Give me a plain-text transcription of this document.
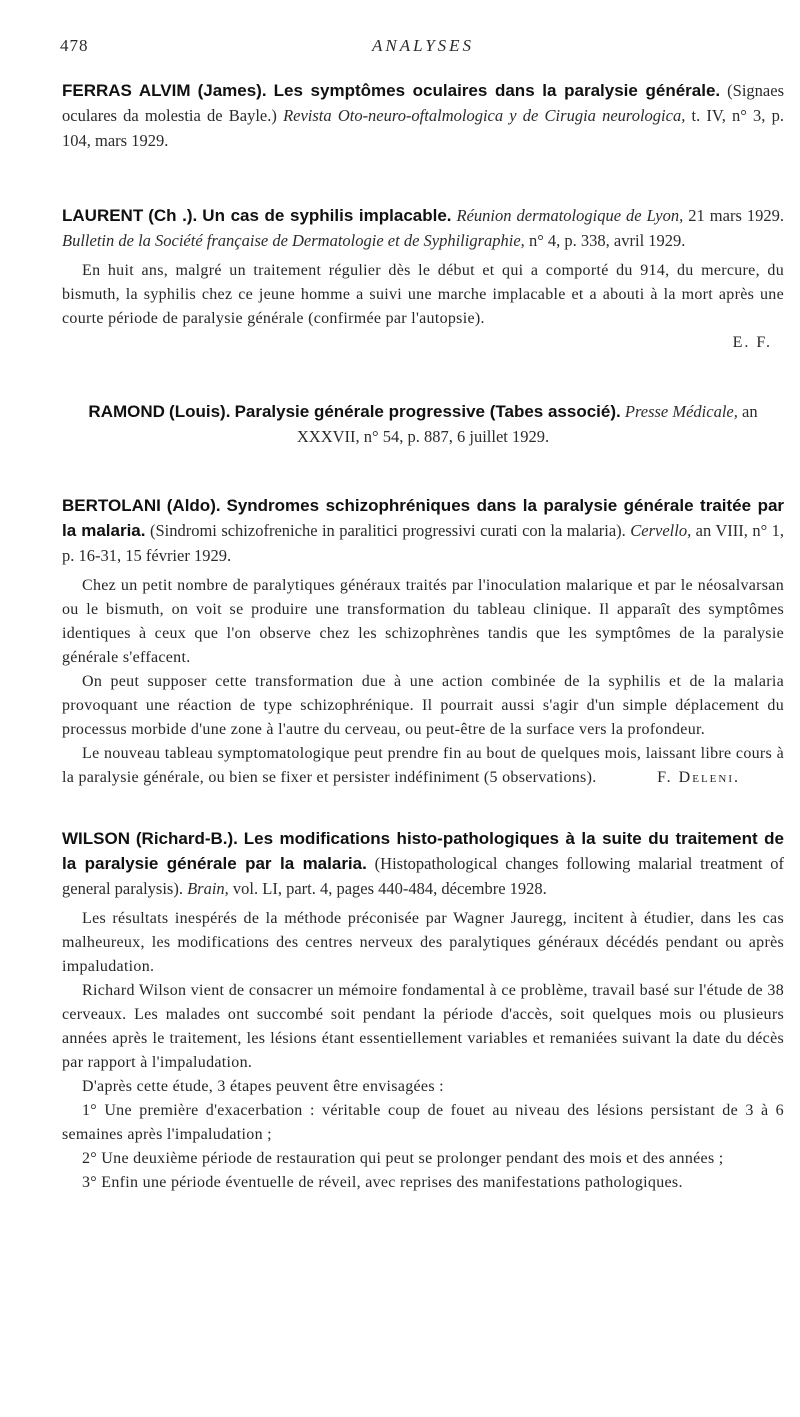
478	ANALYSES

FERRAS ALVIM (James). Les symptômes oculaires dans la paralysie générale. (Signaes oculares da molestia de Bayle.) Revista Oto-neuro-oftalmologica y de Cirugia neurologica, t. IV, n° 3, p. 104, mars 1929.

LAURENT (Ch .). Un cas de syphilis implacable. Réunion dermatologique de Lyon, 21 mars 1929. Bulletin de la Société française de Dermatologie et de Syphiligraphie, n° 4, p. 338, avril 1929.

En huit ans, malgré un traitement régulier dès le début et qui a comporté du 914, du mercure, du bismuth, la syphilis chez ce jeune homme a suivi une marche implacable et a abouti à la mort après une courte période de paralysie générale (confirmée par l'autopsie).

E. F.

RAMOND (Louis). Paralysie générale progressive (Tabes associé). Presse Médicale, an XXXVII, n° 54, p. 887, 6 juillet 1929.

BERTOLANI (Aldo). Syndromes schizophréniques dans la paralysie générale traitée par la malaria. (Sindromi schizofreniche in paralitici progressivi curati con la malaria). Cervello, an VIII, n° 1, p. 16-31, 15 février 1929.

Chez un petit nombre de paralytiques généraux traités par l'inoculation malarique et par le néosalvarsan ou le bismuth, on voit se produire une transformation du tableau clinique. Il apparaît des symptômes identiques à ceux que l'on observe chez les schizophrènes tandis que les symptômes de la paralysie générale s'effacent.

On peut supposer cette transformation due à une action combinée de la syphilis et de la malaria provoquant une réaction de type schizophrénique. Il pourrait aussi s'agir d'un simple déplacement du processus morbide d'une zone à l'autre du cerveau, ou peut-être de la surface vers la profondeur.

Le nouveau tableau symptomatologique peut prendre fin au bout de quelques mois, laissant libre cours à la paralysie générale, ou bien se fixer et persister indéfiniment (5 observations).	F. Deleni.

WILSON (Richard-B.). Les modifications histo-pathologiques à la suite du traitement de la paralysie générale par la malaria. (Histopathological changes following malarial treatment of general paralysis). Brain, vol. LI, part. 4, pages 440-484, décembre 1928.

Les résultats inespérés de la méthode préconisée par Wagner Jauregg, incitent à étudier, dans les cas malheureux, les modifications des centres nerveux des paralytiques généraux décédés pendant ou après impaludation.

Richard Wilson vient de consacrer un mémoire fondamental à ce problème, travail basé sur l'étude de 38 cerveaux. Les malades ont succombé soit pendant la période d'accès, soit quelques mois ou plusieurs années après le traitement, les lésions étant essentiellement variables et remaniées suivant la date du décès par rapport à l'impaludation.

D'après cette étude, 3 étapes peuvent être envisagées :

1° Une première d'exacerbation : véritable coup de fouet au niveau des lésions persistant de 3 à 6 semaines après l'impaludation ;

2° Une deuxième période de restauration qui peut se prolonger pendant des mois et des années ;

3° Enfin une période éventuelle de réveil, avec reprises des manifestations pathologiques.
